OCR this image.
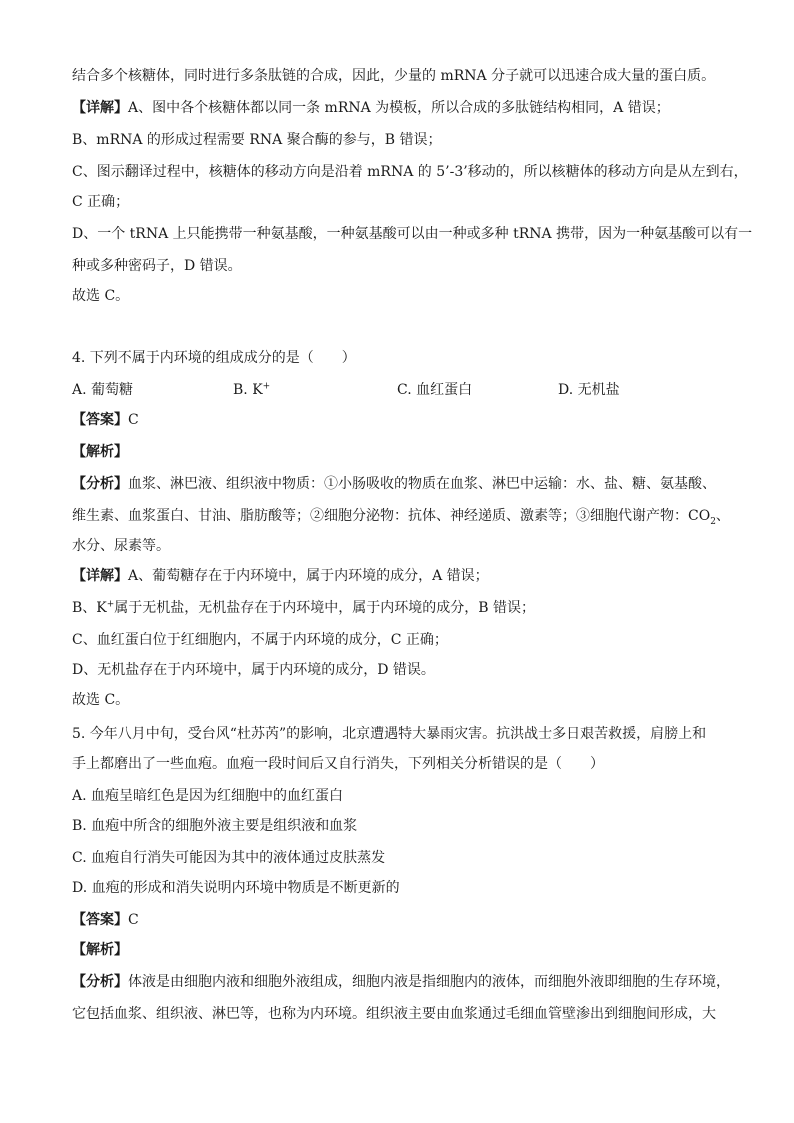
结合多个核糖体，同时进行多条肽链的合成，因此，少量的 mRNA 分子就可以迅速合成大量的蛋白质。
【详解】A、图中各个核糖体都以同一条 mRNA 为模板，所以合成的多肽链结构相同，A 错误；
B、mRNA 的形成过程需要 RNA 聚合酶的参与，B 错误；
C、图示翻译过程中，核糖体的移动方向是沿着 mRNA 的 5’-3’移动的，所以核糖体的移动方向是从左到右，
C 正确；
D、一个 tRNA 上只能携带一种氨基酸，一种氨基酸可以由一种或多种 tRNA 携带，因为一种氨基酸可以有一
种或多种密码子，D 错误。
故选 C。
4. 下列不属于内环境的组成成分的是（　　）
A. 葡萄糖	B. K+	C. 血红蛋白	D. 无机盐
【答案】C
【解析】
【分析】血浆、淋巴液、组织液中物质：①小肠吸收的物质在血浆、淋巴中运输：水、盐、糖、氨基酸、
维生素、血浆蛋白、甘油、脂肪酸等；②细胞分泌物：抗体、神经递质、激素等；③细胞代谢产物：$CO_2$、
水分、尿素等。
【详解】A、葡萄糖存在于内环境中，属于内环境的成分，A 错误；
B、K+属于无机盐，无机盐存在于内环境中，属于内环境的成分，B 错误；
C、血红蛋白位于红细胞内，不属于内环境的成分，C 正确；
D、无机盐存在于内环境中，属于内环境的成分，D 错误。
故选 C。
5. 今年八月中旬，受台风“杜苏芮”的影响，北京遭遇特大暴雨灾害。抗洪战士多日艰苦救援，肩膀上和
手上都磨出了一些血疱。血疱一段时间后又自行消失，下列相关分析错误的是（　　）
A. 血疱呈暗红色是因为红细胞中的血红蛋白
B. 血疱中所含的细胞外液主要是组织液和血浆
C. 血疱自行消失可能因为其中的液体通过皮肤蒸发
D. 血疱的形成和消失说明内环境中物质是不断更新的
【答案】C
【解析】
【分析】体液是由细胞内液和细胞外液组成，细胞内液是指细胞内的液体，而细胞外液即细胞的生存环境，
它包括血浆、组织液、淋巴等，也称为内环境。组织液主要由血浆通过毛细血管壁渗出到细胞间形成，大
